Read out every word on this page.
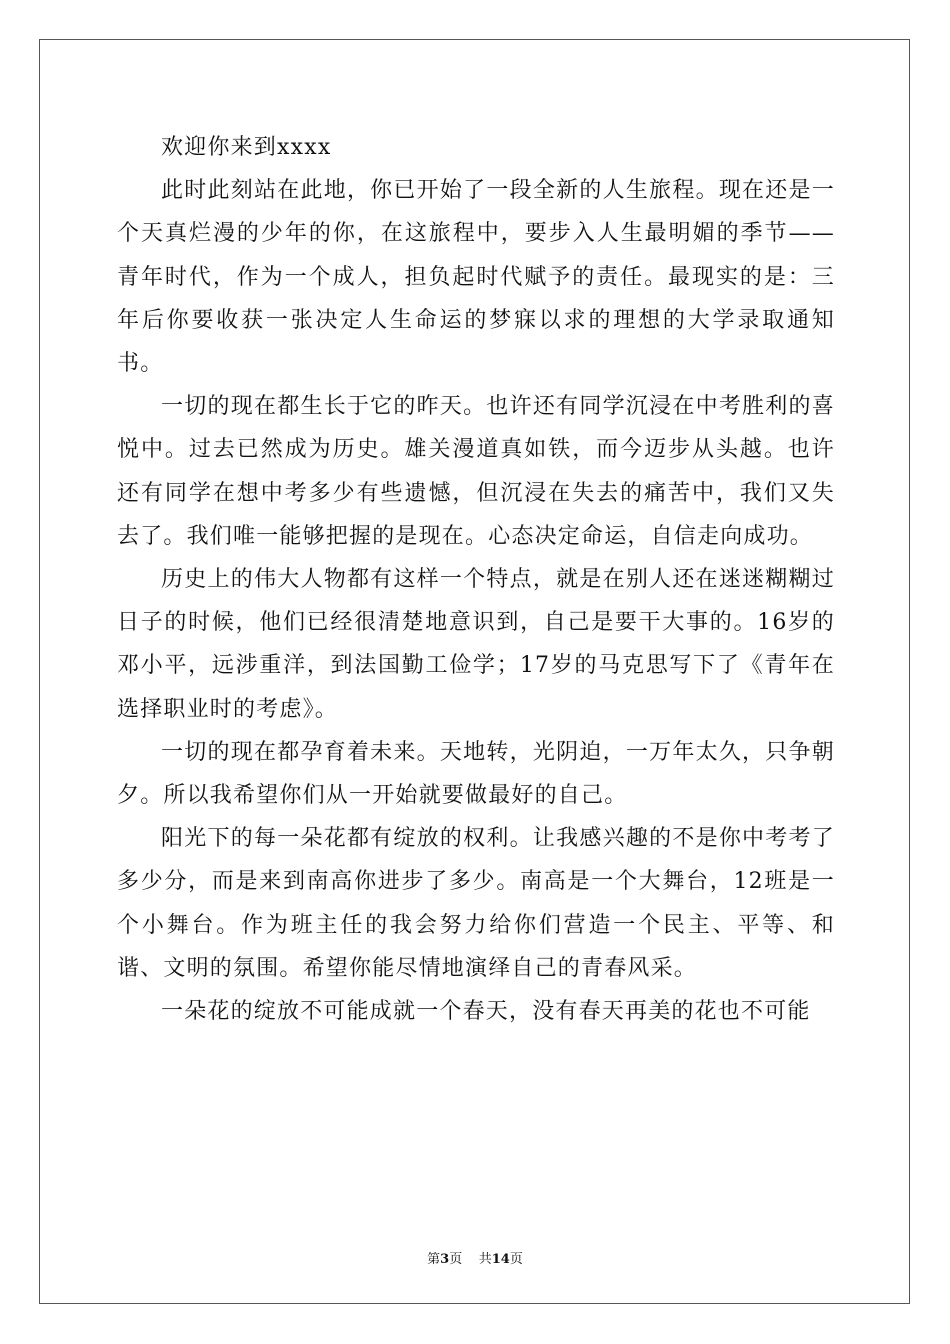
欢迎你来到xxxx

此时此刻站在此地，你已开始了一段全新的人生旅程。现在还是一个天真烂漫的少年的你，在这旅程中，要步入人生最明媚的季节——青年时代，作为一个成人，担负起时代赋予的责任。最现实的是：三年后你要收获一张决定人生命运的梦寐以求的理想的大学录取通知书。

一切的现在都生长于它的昨天。也许还有同学沉浸在中考胜利的喜悦中。过去已然成为历史。雄关漫道真如铁，而今迈步从头越。也许还有同学在想中考多少有些遗憾，但沉浸在失去的痛苦中，我们又失去了。我们唯一能够把握的是现在。心态决定命运，自信走向成功。

历史上的伟大人物都有这样一个特点，就是在别人还在迷迷糊糊过日子的时候，他们已经很清楚地意识到，自己是要干大事的。16岁的邓小平，远涉重洋，到法国勤工俭学；17岁的马克思写下了《青年在选择职业时的考虑》。

一切的现在都孕育着未来。天地转，光阴迫，一万年太久，只争朝夕。所以我希望你们从一开始就要做最好的自己。

阳光下的每一朵花都有绽放的权利。让我感兴趣的不是你中考考了多少分，而是来到南高你进步了多少。南高是一个大舞台，12班是一个小舞台。作为班主任的我会努力给你们营造一个民主、平等、和谐、文明的氛围。希望你能尽情地演绎自己的青春风采。

一朵花的绽放不可能成就一个春天，没有春天再美的花也不可能

第3页 共14页
